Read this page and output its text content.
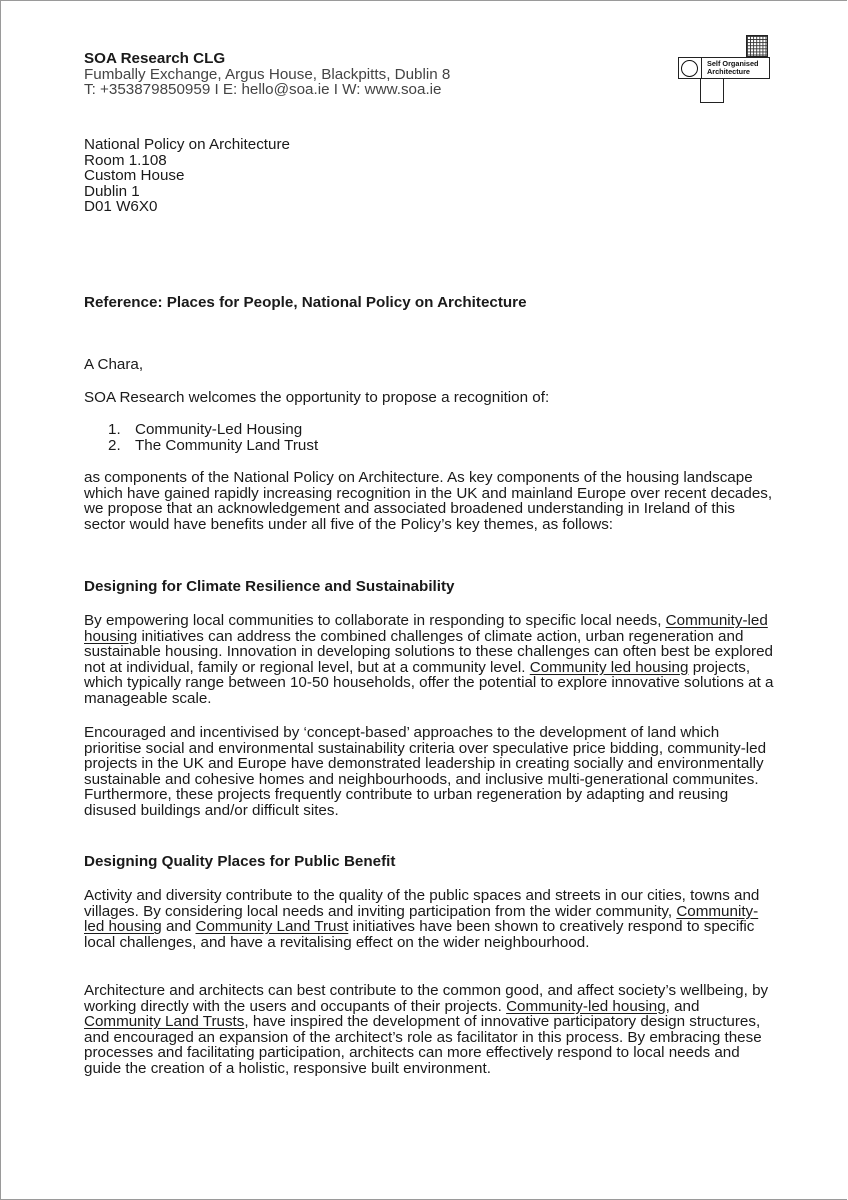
SOA Research CLG
Fumbally Exchange, Argus House, Blackpitts, Dublin 8
T: +353879850959 I E: hello@soa.ie I W: www.soa.ie
Self Organised
Architecture
National Policy on Architecture
Room 1.108
Custom House
Dublin 1
D01 W6X0
Reference: Places for People, National Policy on Architecture
A Chara,
SOA Research welcomes the opportunity to propose a recognition of:
1. Community-Led Housing
2. The Community Land Trust

as components of the National Policy on Architecture. As key components of the housing landscape which have gained rapidly increasing recognition in the UK and mainland Europe over recent decades, we propose that an acknowledgement and associated broadened understanding in Ireland of this sector would have benefits under all five of the Policy’s key themes, as follows:

Designing for Climate Resilience and Sustainability

By empowering local communities to collaborate in responding to specific local needs, Community-led housing initiatives can address the combined challenges of climate action, urban regeneration and sustainable housing. Innovation in developing solutions to these challenges can often best be explored not at individual, family or regional level, but at a community level. Community led housing projects, which typically range between 10-50 households, offer the potential to explore innovative solutions at a manageable scale.

Encouraged and incentivised by ‘concept-based’ approaches to the development of land which prioritise social and environmental sustainability criteria over speculative price bidding, community-led projects in the UK and Europe have demonstrated leadership in creating socially and environmentally sustainable and cohesive homes and neighbourhoods, and inclusive multi-generational communites. Furthermore, these projects frequently contribute to urban regeneration by adapting and reusing disused buildings and/or difficult sites.

Designing Quality Places for Public Benefit

Activity and diversity contribute to the quality of the public spaces and streets in our cities, towns and villages. By considering local needs and inviting participation from the wider community, Community-led housing and Community Land Trust initiatives have been shown to creatively respond to specific local challenges, and have a revitalising effect on the wider neighbourhood.

Architecture and architects can best contribute to the common good, and affect society’s wellbeing, by working directly with the users and occupants of their projects. Community-led housing, and Community Land Trusts, have inspired the development of innovative participatory design structures, and encouraged an expansion of the architect’s role as facilitator in this process. By embracing these processes and facilitating participation, architects can more effectively respond to local needs and guide the creation of a holistic, responsive built environment.
